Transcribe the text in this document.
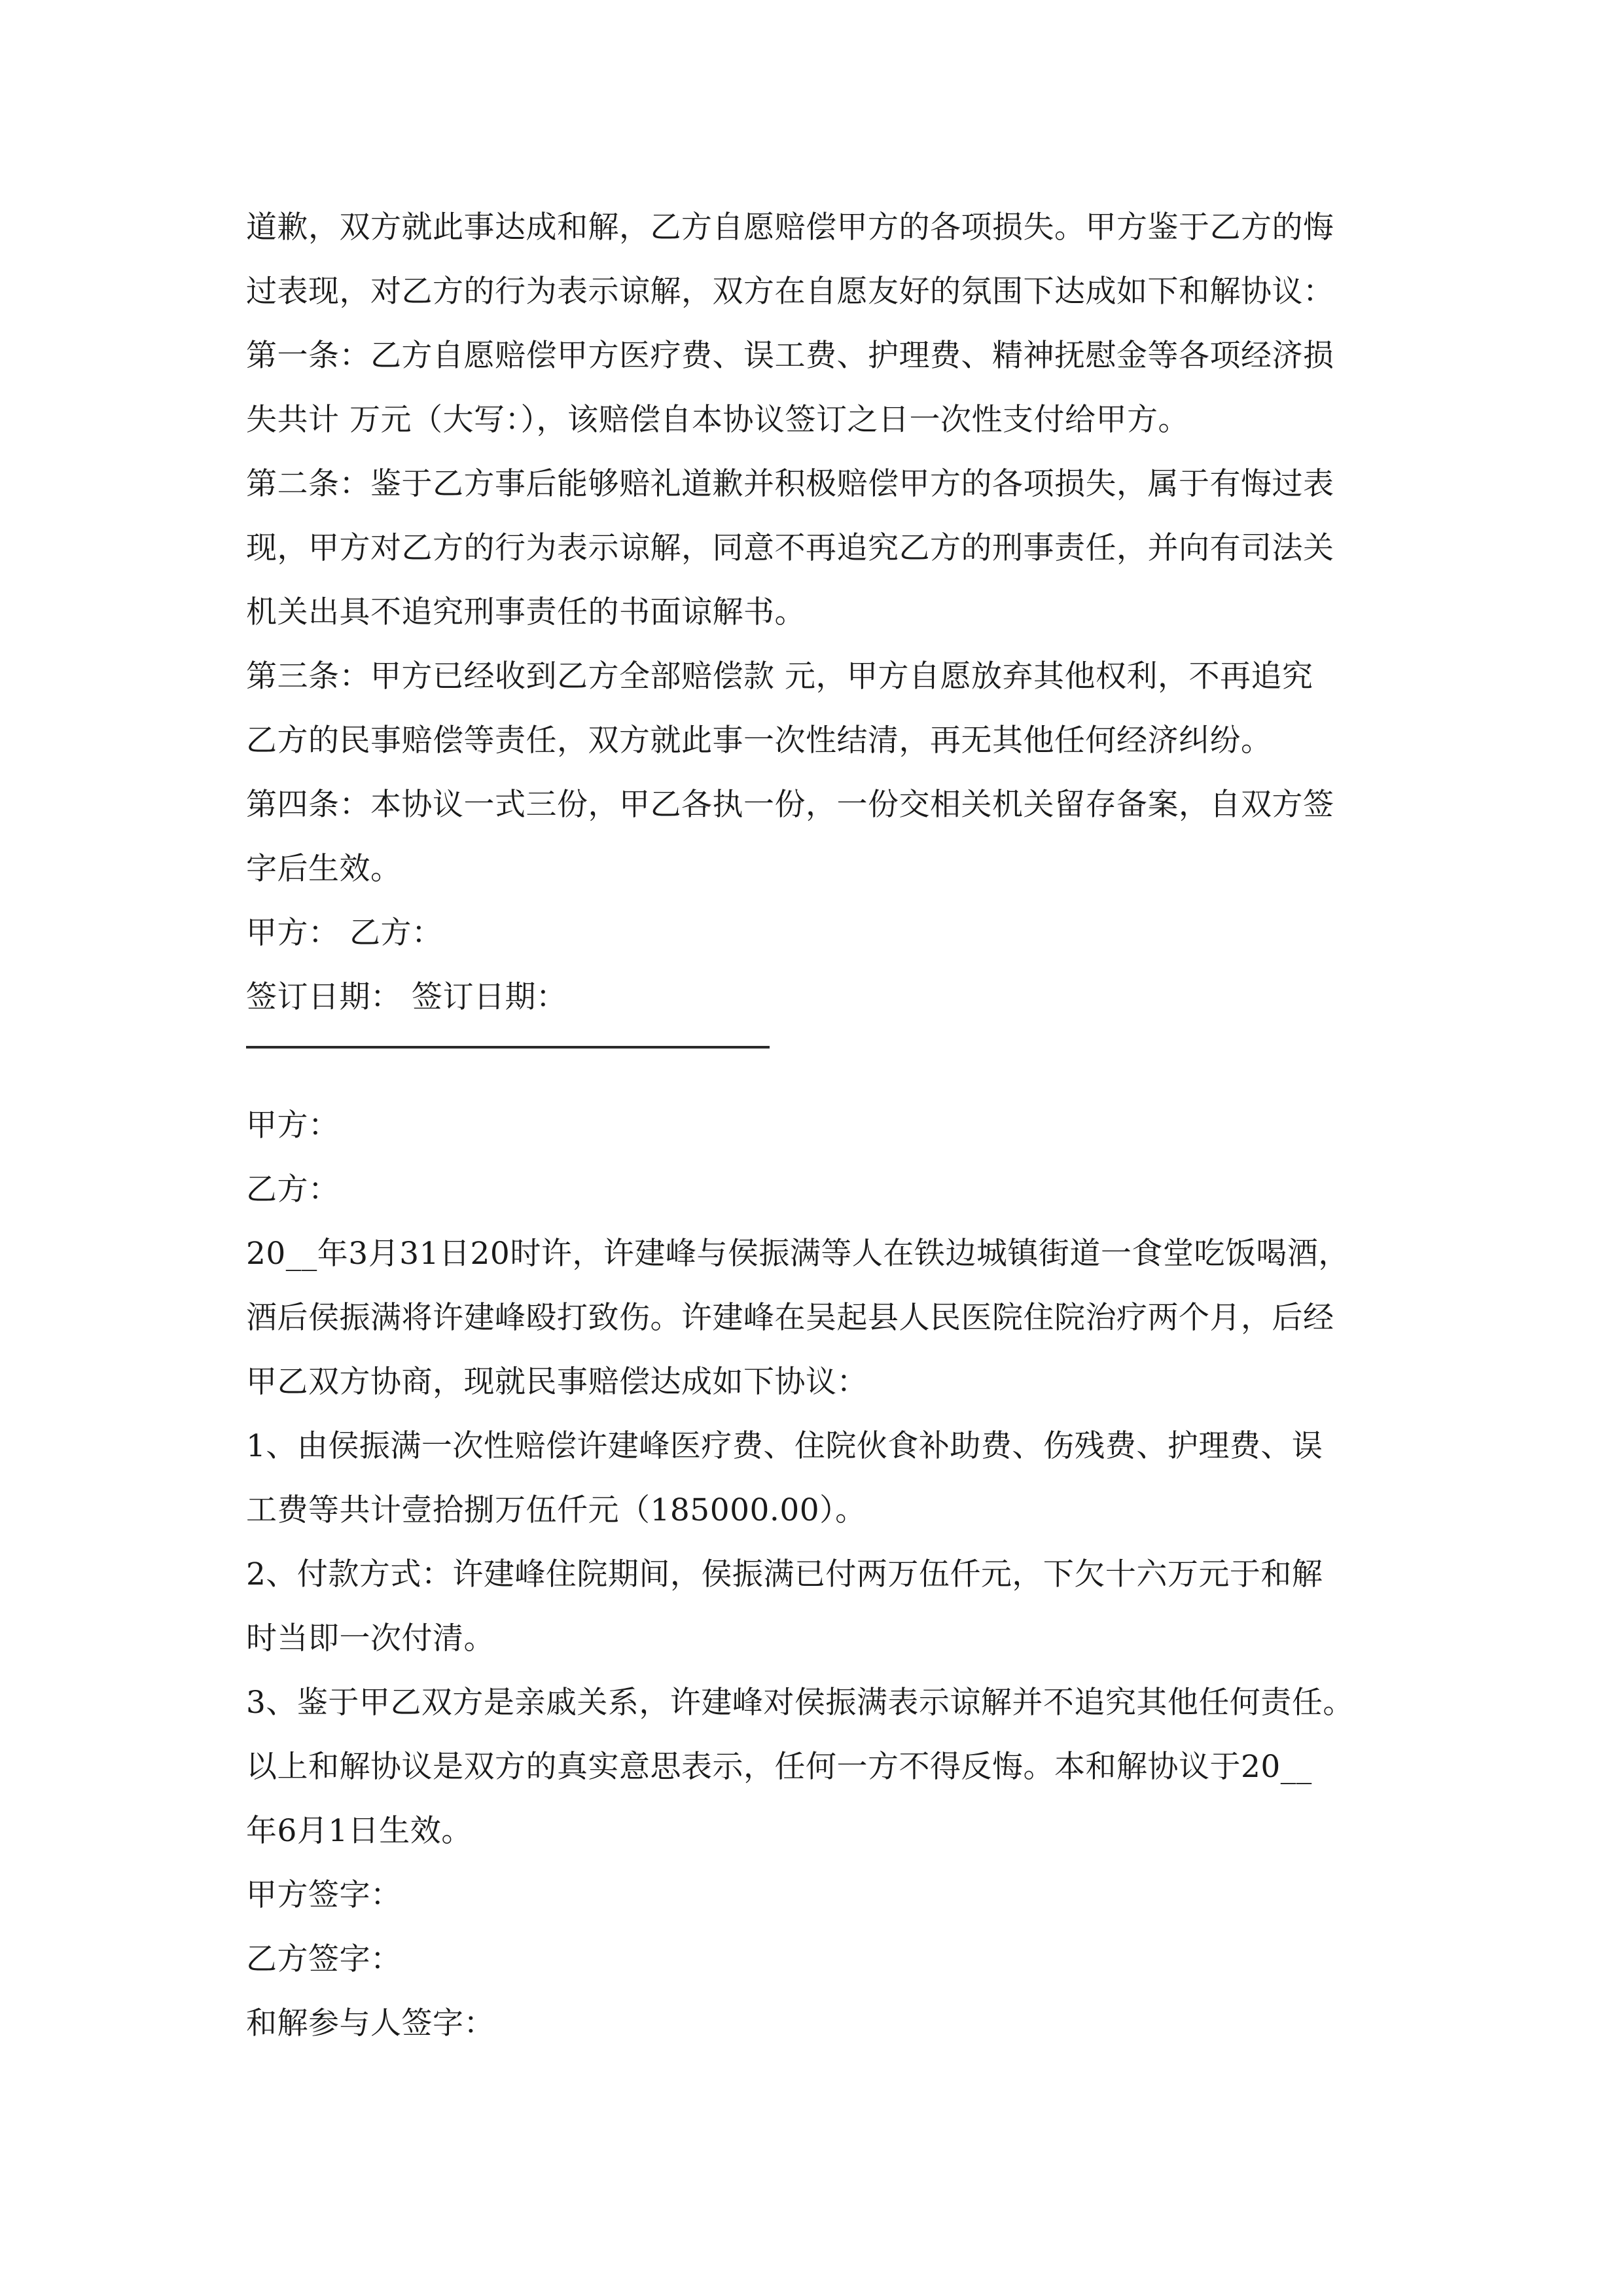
道歉，双方就此事达成和解，乙方自愿赔偿甲方的各项损失。甲方鉴于乙方的悔
过表现，对乙方的行为表示谅解，双方在自愿友好的氛围下达成如下和解协议：
第一条：乙方自愿赔偿甲方医疗费、误工费、护理费、精神抚慰金等各项经济损
失共计 万元（大写：），该赔偿自本协议签订之日一次性支付给甲方。
第二条：鉴于乙方事后能够赔礼道歉并积极赔偿甲方的各项损失，属于有悔过表
现，甲方对乙方的行为表示谅解，同意不再追究乙方的刑事责任，并向有司法关
机关出具不追究刑事责任的书面谅解书。
第三条：甲方已经收到乙方全部赔偿款 元，甲方自愿放弃其他权利，不再追究
乙方的民事赔偿等责任，双方就此事一次性结清，再无其他任何经济纠纷。
第四条：本协议一式三份，甲乙各执一份，一份交相关机关留存备案，自双方签
字后生效。
甲方： 乙方：
签订日期： 签订日期：
甲方：
乙方：
20__年3月31日20时许，许建峰与侯振满等人在铁边城镇街道一食堂吃饭喝酒，
酒后侯振满将许建峰殴打致伤。许建峰在吴起县人民医院住院治疗两个月，后经
甲乙双方协商，现就民事赔偿达成如下协议：
1、由侯振满一次性赔偿许建峰医疗费、住院伙食补助费、伤残费、护理费、误
工费等共计壹拾捌万伍仟元（185000.00）。
2、付款方式：许建峰住院期间，侯振满已付两万伍仟元，下欠十六万元于和解
时当即一次付清。
3、鉴于甲乙双方是亲戚关系，许建峰对侯振满表示谅解并不追究其他任何责任。
以上和解协议是双方的真实意思表示，任何一方不得反悔。本和解协议于20__
年6月1日生效。
甲方签字：
乙方签字：
和解参与人签字：
